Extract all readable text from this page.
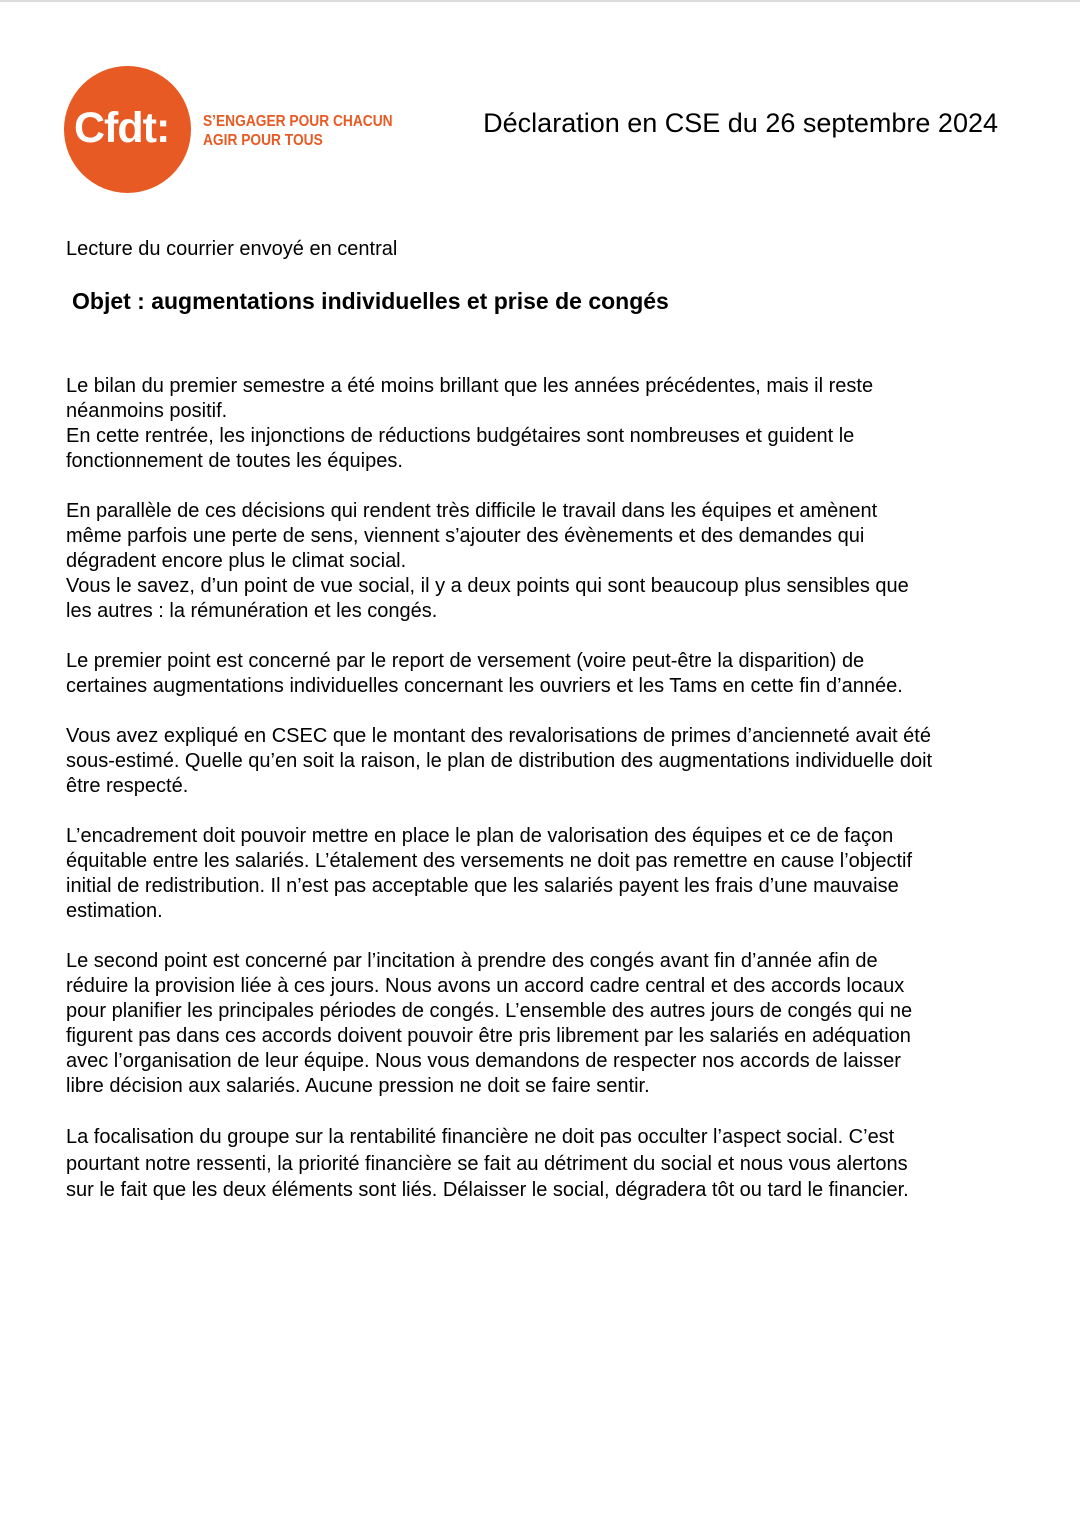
Cfdt:	S’ENGAGER POUR CHACUN
AGIR POUR TOUS
Déclaration en CSE du 26 septembre 2024
Lecture du courrier envoyé en central
Objet : augmentations individuelles et prise de congés
Le bilan du premier semestre a été moins brillant que les années précédentes, mais il reste
néanmoins positif.
En cette rentrée, les injonctions de réductions budgétaires sont nombreuses et guident le
fonctionnement de toutes les équipes.
En parallèle de ces décisions qui rendent très difficile le travail dans les équipes et amènent
même parfois une perte de sens, viennent s’ajouter des évènements et des demandes qui
dégradent encore plus le climat social.
Vous le savez, d’un point de vue social, il y a deux points qui sont beaucoup plus sensibles que
les autres : la rémunération et les congés.
Le premier point est concerné par le report de versement (voire peut-être la disparition) de
certaines augmentations individuelles concernant les ouvriers et les Tams en cette fin d’année.
Vous avez expliqué en CSEC que le montant des revalorisations de primes d’ancienneté avait été
sous-estimé. Quelle qu’en soit la raison, le plan de distribution des augmentations individuelle doit
être respecté.
L’encadrement doit pouvoir mettre en place le plan de valorisation des équipes et ce de façon
équitable entre les salariés. L’étalement des versements ne doit pas remettre en cause l’objectif
initial de redistribution. Il n’est pas acceptable que les salariés payent les frais d’une mauvaise
estimation.
Le second point est concerné par l’incitation à prendre des congés avant fin d’année afin de
réduire la provision liée à ces jours. Nous avons un accord cadre central et des accords locaux
pour planifier les principales périodes de congés. L’ensemble des autres jours de congés qui ne
figurent pas dans ces accords doivent pouvoir être pris librement par les salariés en adéquation
avec l’organisation de leur équipe. Nous vous demandons de respecter nos accords de laisser
libre décision aux salariés. Aucune pression ne doit se faire sentir.
La focalisation du groupe sur la rentabilité financière ne doit pas occulter l’aspect social. C’est
pourtant notre ressenti, la priorité financière se fait au détriment du social et nous vous alertons
sur le fait que les deux éléments sont liés. Délaisser le social, dégradera tôt ou tard le financier.
